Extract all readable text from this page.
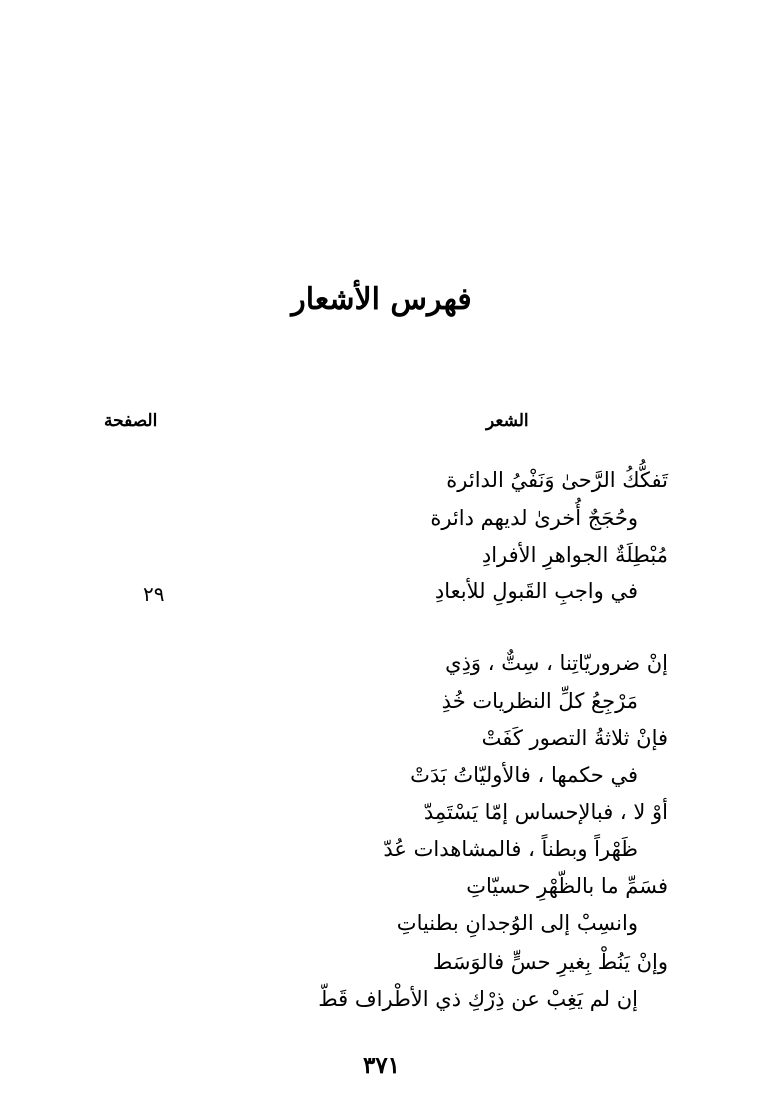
فهرس الأشعار
الشعر
الصفحة
تَفكُّكُ الرَّحىٰ وَنَفْيُ الدائرة
وحُجَجٌ أُخرىٰ لديهم دائرة
مُبْطِلَةٌ الجواهرِ الأفرادِ
في واجبِ القَبولِ للأبعادِ
٢٩
إنْ ضروريّاتِنا ، سِتٌّ ، وَذِي
مَرْجِعُ كلِّ النظريات خُذِ
فإنْ ثلاثةُ التصور كَفَتْ
في حكمها ، فالأوليّاتُ بَدَتْ
أوْ لا ، فبالإحساس إمّا يَسْتَمِدّ
ظَهْراً وبطناً ، فالمشاهدات عُدّ
فسَمِّ ما بالظّهْرِ حسيّاتِ
وانسِبْ إلى الوُجدانِ بطنياتِ
وإنْ يَنُطْ بِغيرِ حسٍّ فالوَسَط
إن لم يَغِبْ عن ذِرْكِ ذي الأطْراف قَطّ
٣٧١
